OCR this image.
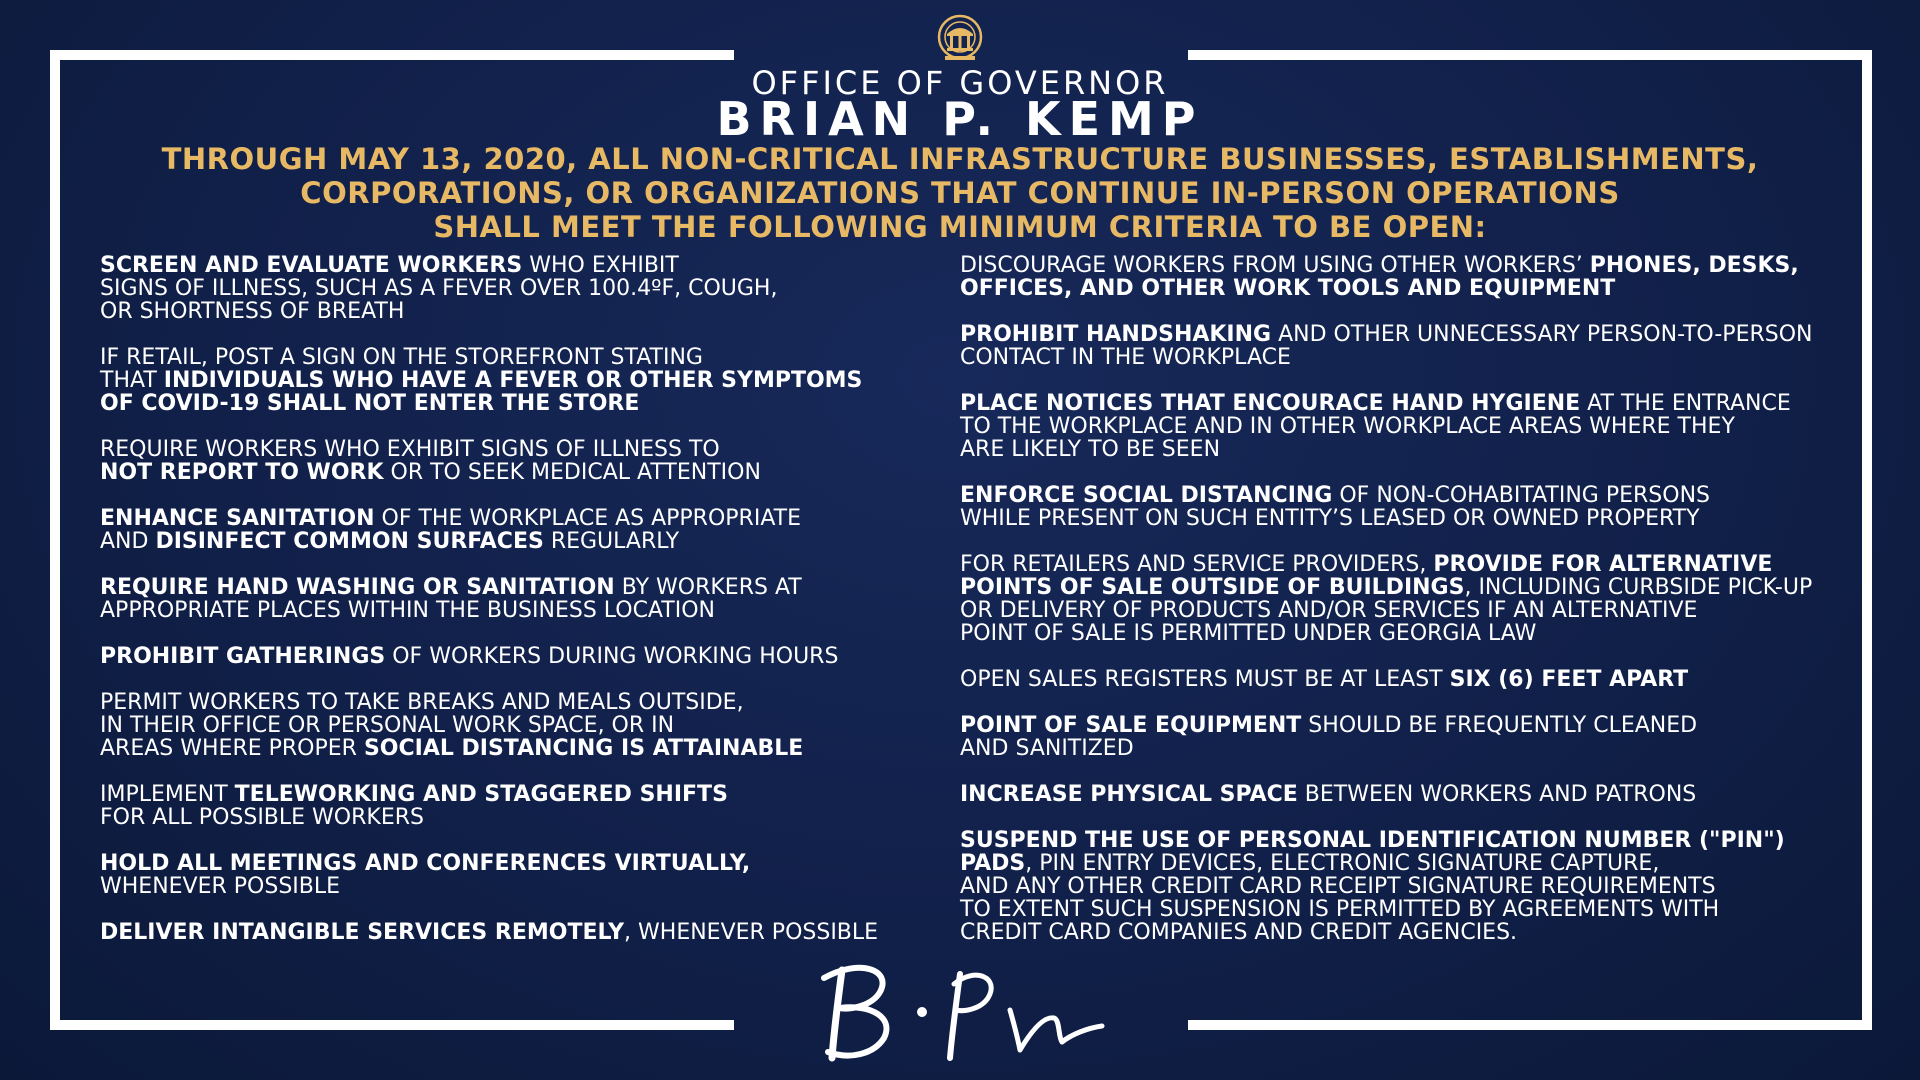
OFFICE OF GOVERNOR
BRIAN P. KEMP
THROUGH MAY 13, 2020, ALL NON-CRITICAL INFRASTRUCTURE BUSINESSES, ESTABLISHMENTS,
CORPORATIONS, OR ORGANIZATIONS THAT CONTINUE IN-PERSON OPERATIONS
SHALL MEET THE FOLLOWING MINIMUM CRITERIA TO BE OPEN:
SCREEN AND EVALUATE WORKERS WHO EXHIBIT
SIGNS OF ILLNESS, SUCH AS A FEVER OVER 100.4ºF, COUGH,
OR SHORTNESS OF BREATH
IF RETAIL, POST A SIGN ON THE STOREFRONT STATING
THAT INDIVIDUALS WHO HAVE A FEVER OR OTHER SYMPTOMS
OF COVID-19 SHALL NOT ENTER THE STORE
REQUIRE WORKERS WHO EXHIBIT SIGNS OF ILLNESS TO
NOT REPORT TO WORK OR TO SEEK MEDICAL ATTENTION
ENHANCE SANITATION OF THE WORKPLACE AS APPROPRIATE
AND DISINFECT COMMON SURFACES REGULARLY
REQUIRE HAND WASHING OR SANITATION BY WORKERS AT
APPROPRIATE PLACES WITHIN THE BUSINESS LOCATION
PROHIBIT GATHERINGS OF WORKERS DURING WORKING HOURS
PERMIT WORKERS TO TAKE BREAKS AND MEALS OUTSIDE,
IN THEIR OFFICE OR PERSONAL WORK SPACE, OR IN
AREAS WHERE PROPER SOCIAL DISTANCING IS ATTAINABLE
IMPLEMENT TELEWORKING AND STAGGERED SHIFTS
FOR ALL POSSIBLE WORKERS
HOLD ALL MEETINGS AND CONFERENCES VIRTUALLY,
WHENEVER POSSIBLE
DELIVER INTANGIBLE SERVICES REMOTELY, WHENEVER POSSIBLE
DISCOURAGE WORKERS FROM USING OTHER WORKERS’ PHONES, DESKS,
OFFICES, AND OTHER WORK TOOLS AND EQUIPMENT
PROHIBIT HANDSHAKING AND OTHER UNNECESSARY PERSON-TO-PERSON
CONTACT IN THE WORKPLACE
PLACE NOTICES THAT ENCOURACE HAND HYGIENE AT THE ENTRANCE
TO THE WORKPLACE AND IN OTHER WORKPLACE AREAS WHERE THEY
ARE LIKELY TO BE SEEN
ENFORCE SOCIAL DISTANCING OF NON-COHABITATING PERSONS
WHILE PRESENT ON SUCH ENTITY’S LEASED OR OWNED PROPERTY
FOR RETAILERS AND SERVICE PROVIDERS, PROVIDE FOR ALTERNATIVE
POINTS OF SALE OUTSIDE OF BUILDINGS, INCLUDING CURBSIDE PICK-UP
OR DELIVERY OF PRODUCTS AND/OR SERVICES IF AN ALTERNATIVE
POINT OF SALE IS PERMITTED UNDER GEORGIA LAW
OPEN SALES REGISTERS MUST BE AT LEAST SIX (6) FEET APART
POINT OF SALE EQUIPMENT SHOULD BE FREQUENTLY CLEANED
AND SANITIZED
INCREASE PHYSICAL SPACE BETWEEN WORKERS AND PATRONS
SUSPEND THE USE OF PERSONAL IDENTIFICATION NUMBER ("PIN")
PADS, PIN ENTRY DEVICES, ELECTRONIC SIGNATURE CAPTURE,
AND ANY OTHER CREDIT CARD RECEIPT SIGNATURE REQUIREMENTS
TO EXTENT SUCH SUSPENSION IS PERMITTED BY AGREEMENTS WITH
CREDIT CARD COMPANIES AND CREDIT AGENCIES.
